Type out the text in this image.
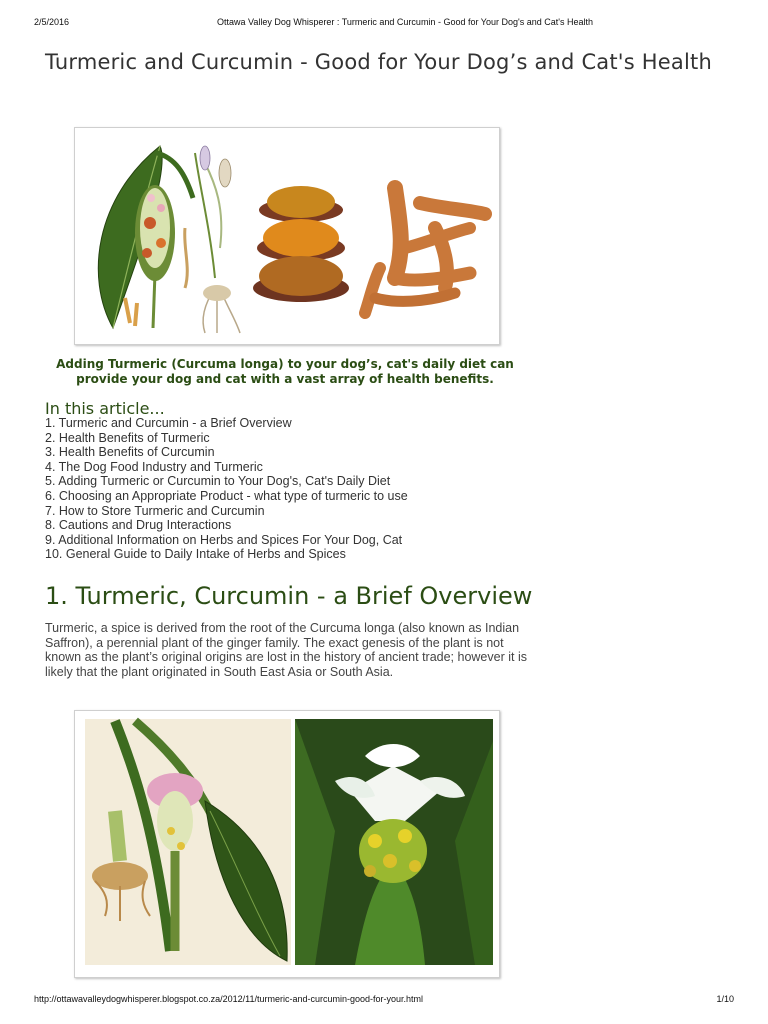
2/5/2016	Ottawa Valley Dog Whisperer : Turmeric and Curcumin - Good for Your Dog's and Cat's Health
Turmeric and Curcumin - Good for Your Dog’s and Cat's Health
Adding Turmeric (Curcuma longa) to your dog’s, cat's daily diet can provide your dog and cat with a vast array of health benefits.
In this article...
1. Turmeric and Curcumin - a Brief Overview
2. Health Benefits of Turmeric
3. Health Benefits of Curcumin
4. The Dog Food Industry and Turmeric
5. Adding Turmeric or Curcumin to Your Dog's, Cat's Daily Diet
6. Choosing an Appropriate Product - what type of turmeric to use
7. How to Store Turmeric and Curcumin
8. Cautions and Drug Interactions
9. Additional Information on Herbs and Spices For Your Dog, Cat
10. General Guide to Daily Intake of Herbs and Spices
1. Turmeric, Curcumin - a Brief Overview

Turmeric, a spice is derived from the root of the Curcuma longa (also known as Indian Saffron), a perennial plant of the ginger family. The exact genesis of the plant is not known as the plant’s original origins are lost in the history of ancient trade; however it is likely that the plant originated in South East Asia or South Asia.

http://ottawavalleydogwhisperer.blogspot.co.za/2012/11/turmeric-and-curcumin-good-for-your.html	1/10
